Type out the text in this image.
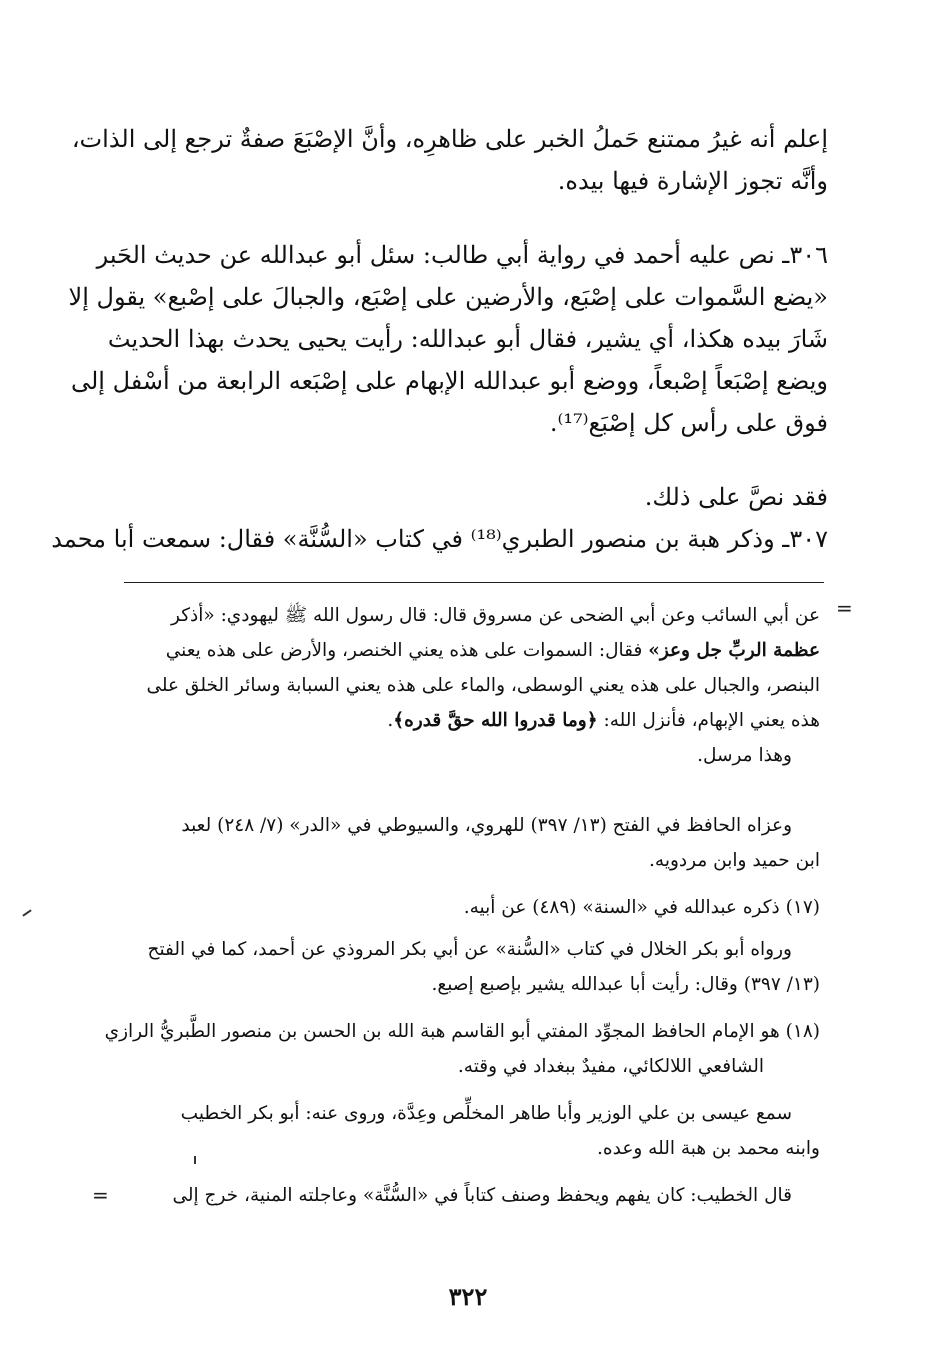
إعلم أنه غيرُ ممتنع حَملُ الخبر على ظاهرِه، وأنَّ الإصْبَعَ صفةٌ ترجع إلى الذات،
وأنَّه تجوز الإشارة فيها بيده.
٣٠٦ـ نص عليه أحمد في رواية أبي طالب: سئل أبو عبدالله عن حديث الحَبر
«يضع السَّموات على إصْبَع، والأرضين على إصْبَع، والجبالَ على إصْبع» يقول إلا
شَارَ بيده هكذا، أي يشير، فقال أبو عبدالله: رأيت يحيى يحدث بهذا الحديث
ويضع إصْبَعاً إصْبعاً، ووضع أبو عبدالله الإبهام على إصْبَعه الرابعة من أسْفل إلى
فوق على رأس كل إصْبَع⁽¹⁷⁾.
فقد نصَّ على ذلك.
٣٠٧ـ وذكر هبة بن منصور الطبري⁽¹⁸⁾ في كتاب «السُّنَّة» فقال: سمعت أبا محمد
=
عن أبي السائب وعن أبي الضحى عن مسروق قال: قال رسول الله ﷺ ليهودي: «أذكر
عظمة الربِّ جل وعز» فقال: السموات على هذه يعني الخنصر، والأرض على هذه يعني
البنصر، والجبال على هذه يعني الوسطى، والماء على هذه يعني السبابة وسائر الخلق على
هذه يعني الإبهام، فأنزل الله: ﴿وما قدروا الله حقَّ قدره﴾.
وهذا مرسل.
وعزاه الحافظ في الفتح (١٣/ ٣٩٧) للهروي، والسيوطي في «الدر» (٧/ ٢٤٨) لعبد
ابن حميد وابن مردويه.
(١٧) ذكره عبدالله في «السنة» (٤٨٩) عن أبيه.
ورواه أبو بكر الخلال في كتاب «السُّنة» عن أبي بكر المروذي عن أحمد، كما في الفتح
(١٣/ ٣٩٧) وقال: رأيت أبا عبدالله يشير بإصبع إصبع.
(١٨) هو الإمام الحافظ المجوِّد المفتي أبو القاسم هبة الله بن الحسن بن منصور الطَّبريُّ الرازي
الشافعي اللالكائي، مفيدٌ ببغداد في وقته.
سمع عيسى بن علي الوزير وأبا طاهر المخلِّص وعِدَّة، وروى عنه: أبو بكر الخطيب
وابنه محمد بن هبة الله وعده.
قال الخطيب: كان يفهم ويحفظ وصنف كتاباً في «السُّنَّة» وعاجلته المنية، خرج إلى
=
٣٢٢
